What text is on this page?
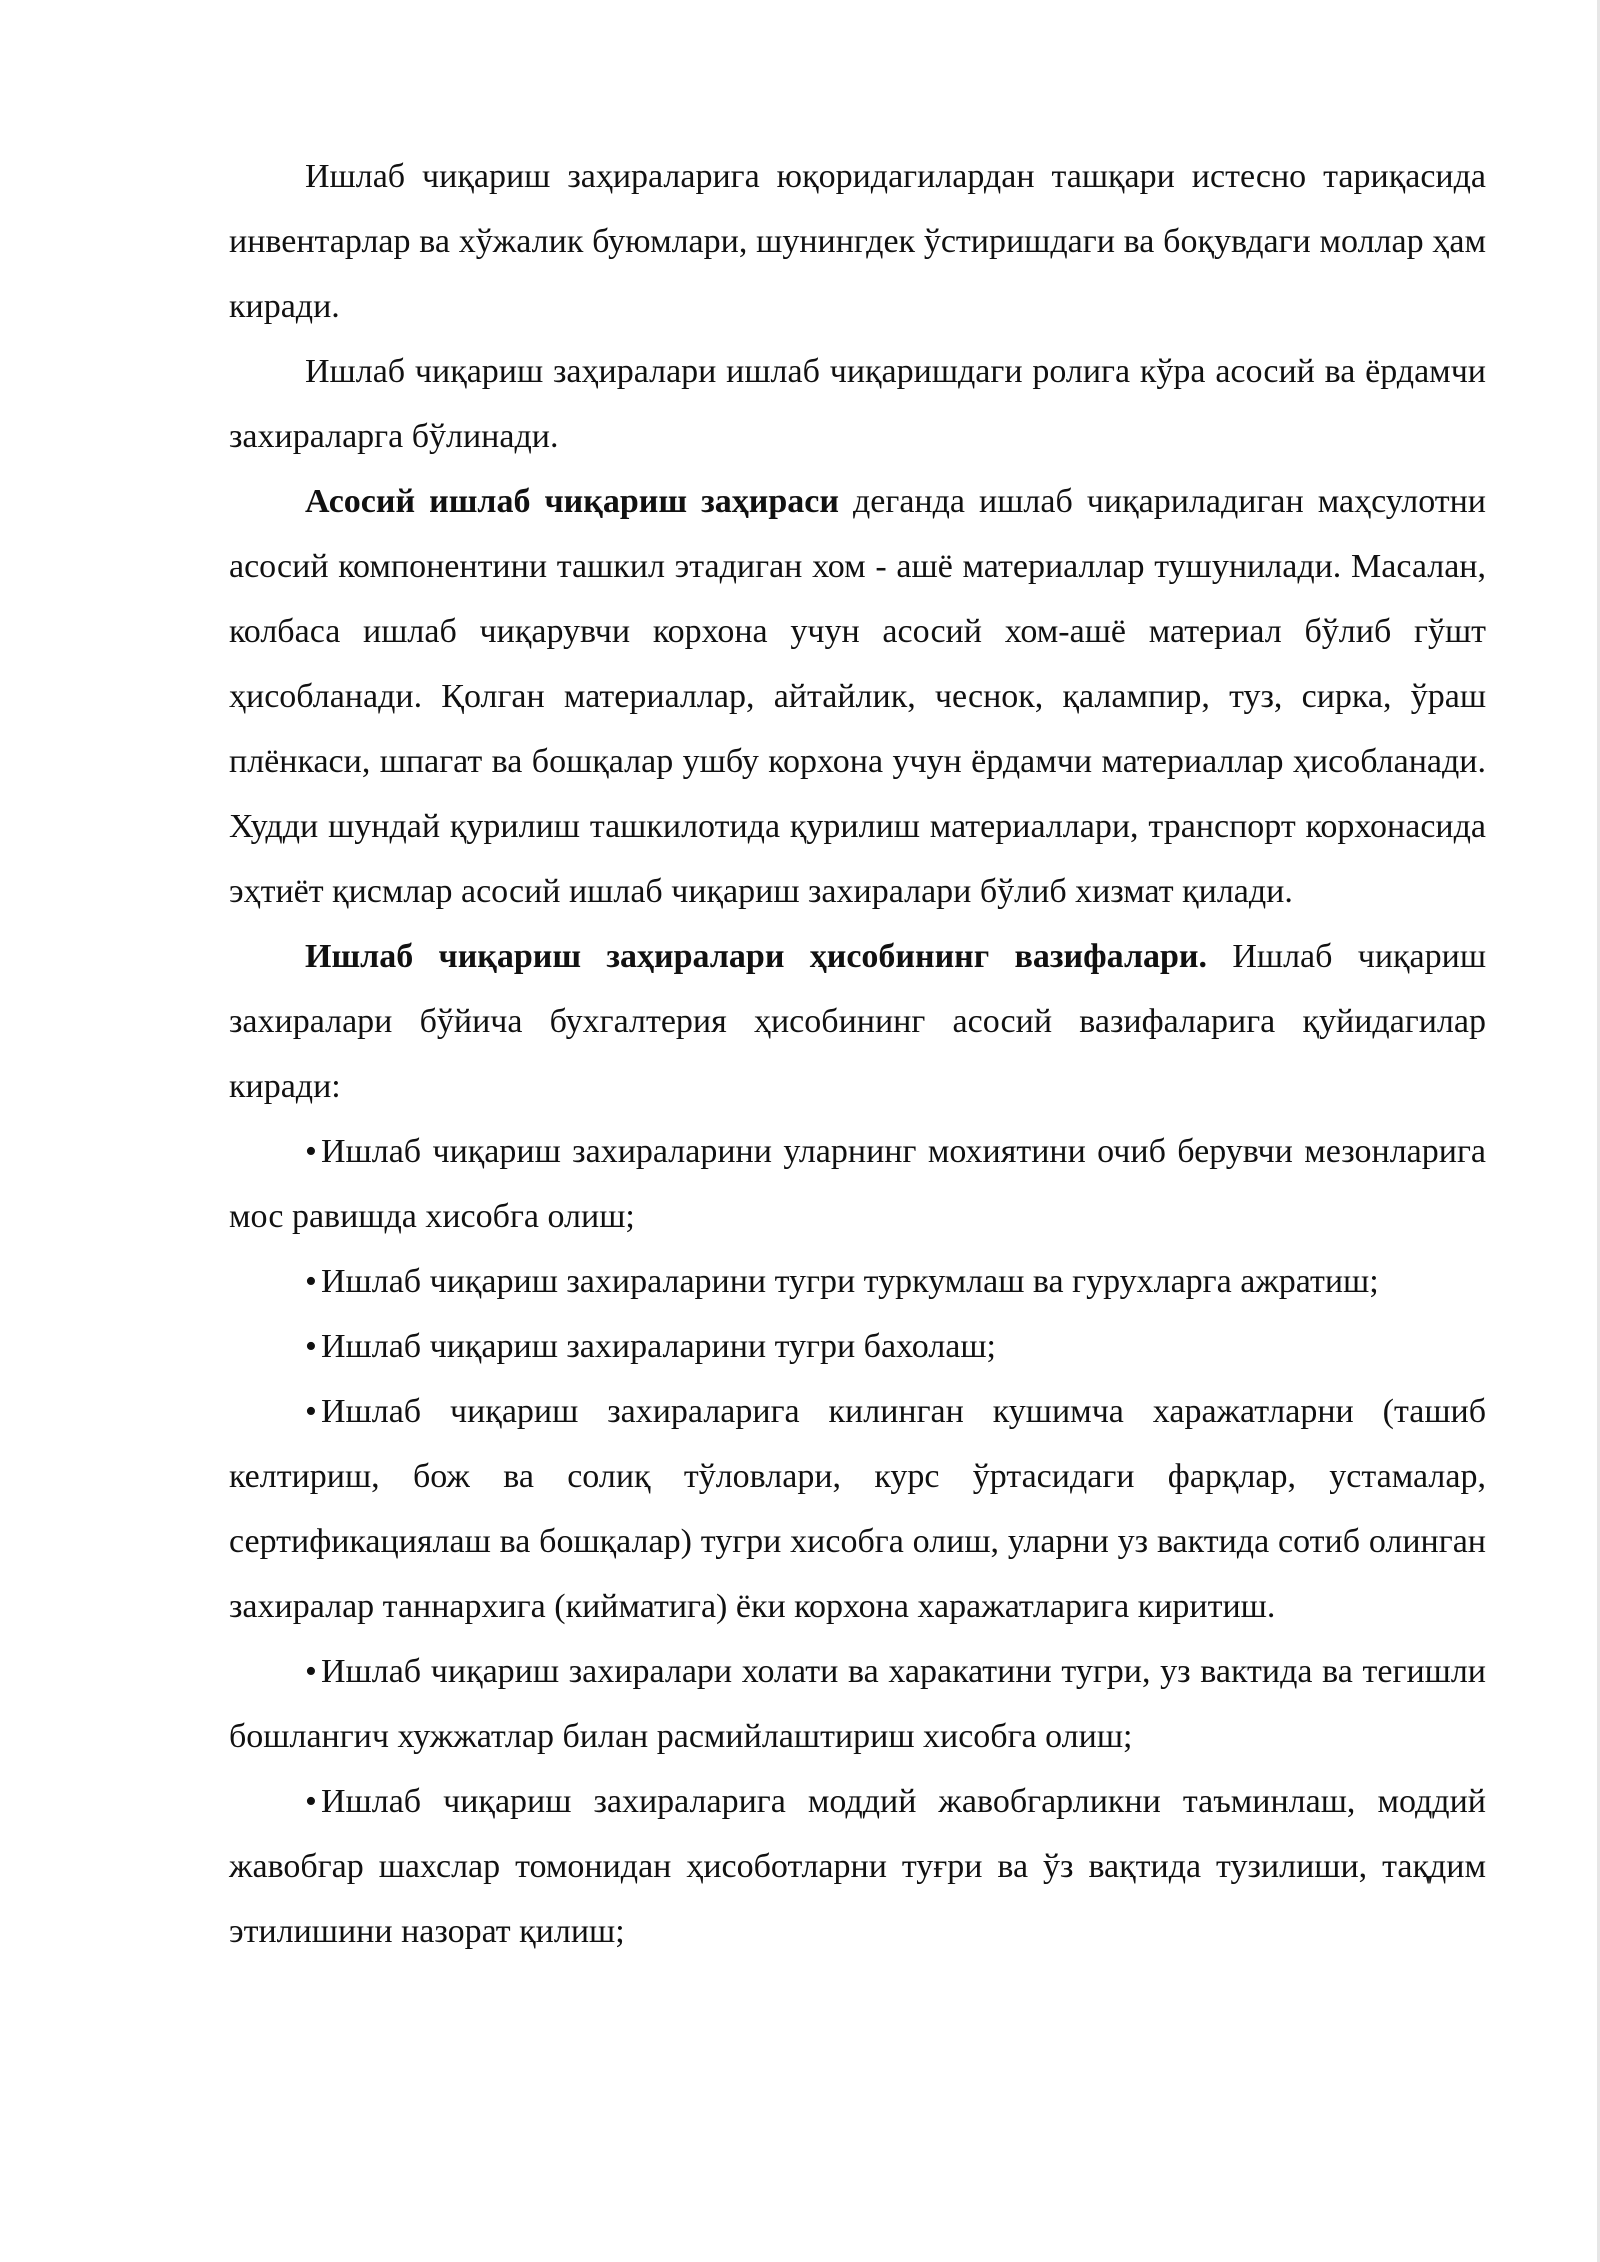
Ишлаб чиқариш заҳираларига юқоридагилардан ташқари истесно тариқасида инвентарлар ва хўжалик буюмлари, шунингдек ўстиришдаги ва боқувдаги моллар ҳам киради.

Ишлаб чиқариш заҳиралари ишлаб чиқаришдаги ролига кўра асосий ва ёрдамчи захираларга бўлинади.

Асосий ишлаб чиқариш заҳираси деганда ишлаб чиқариладиган маҳсулотни асосий компонентини ташкил этадиган хом - ашё материаллар тушунилади. Масалан, колбаса ишлаб чиқарувчи корхона учун асосий хом-ашё материал бўлиб гўшт ҳисобланади. Қолган материаллар, айтайлик, чеснок, қалампир, туз, сирка, ўраш плёнкаси, шпагат ва бошқалар ушбу корхона учун ёрдамчи материаллар ҳисобланади. Худди шундай қурилиш ташкилотида қурилиш материаллари, транспорт корхонасида эҳтиёт қисмлар асосий ишлаб чиқариш захиралари бўлиб хизмат қилади.

Ишлаб чиқариш заҳиралари ҳисобининг вазифалари. Ишлаб чиқариш захиралари бўйича бухгалтерия ҳисобининг асосий вазифаларига қуйидагилар киради:

• Ишлаб чиқариш захираларини уларнинг мохиятини очиб берувчи мезонларига мос равишда хисобга олиш;

• Ишлаб чиқариш захираларини тугри туркумлаш ва гурухларга ажратиш;

• Ишлаб чиқариш захираларини тугри бахолаш;

• Ишлаб чиқариш захираларига килинган кушимча харажатларни (ташиб келтириш, бож ва солиқ тўловлари, курс ўртасидаги фарқлар, устамалар, сертификациялаш ва бошқалар) тугри хисобга олиш, уларни уз вактида сотиб олинган захиралар таннархига (кийматига) ёки корхона харажатларига киритиш.

• Ишлаб чиқариш захиралари холати ва харакатини тугри, уз вактида ва тегишли бошлангич хужжатлар билан расмийлаштириш хисобга олиш;

• Ишлаб чиқариш захираларига моддий жавобгарликни таъминлаш, моддий жавобгар шахслар томонидан ҳисоботларни туғри ва ўз вақтида тузилиши, тақдим этилишини назорат қилиш;
